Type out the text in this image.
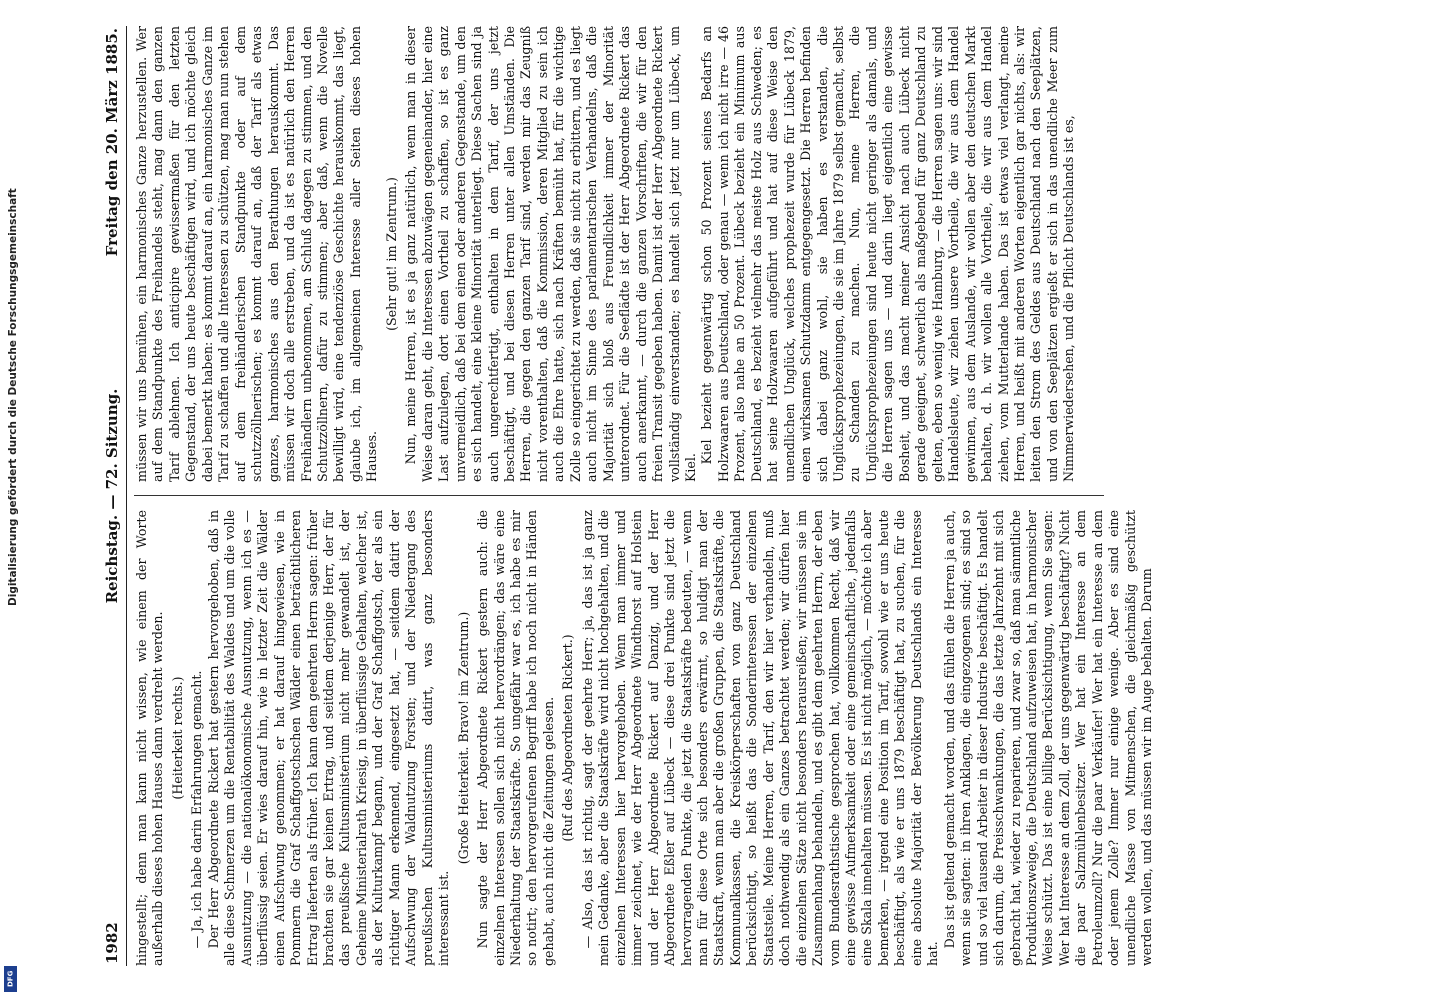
Digitalisierung gefördert durch die Deutsche Forschungsgemeinschaft
DFG
1982
Reichstag. — 72. Sitzung.
Freitag den 20. März 1885.

hingestellt; denn man kann nicht wissen, wie einem der Worte außerhalb dieses hohen Hauses dann verdreht werden. (Heiterkeit rechts.) — Ja, ich habe darin Erfahrungen gemacht. Der Herr Abgeordnete Rickert hat gestern hervorgehoben, daß in alle diese Schmerzen um die Rentabilität des Waldes und um die volle Ausnutzung — die nationalökonomische Ausnutzung, wenn ich es — überflüssig seien. Er wies darauf hin, wie in letzter Zeit die Wälder einen Aufschwung genommen; er hat darauf hingewiesen, wie in Pommern die Graf Schaffgotschschen Wälder einen beträchtlicheren Ertrag lieferten als früher. Ich kann dem geehrten Herrn sagen: früher brachten sie gar keinen Ertrag, und seitdem derjenige Herr, der für das preußische Kultusministerium nicht mehr gewandelt ist, der Geheime Ministerialrath Kriesig, in überflüssige Gehalten, welcher ist, als der Kulturkampf begann, und der Graf Schaffgotsch, der als ein richtiger Mann erkennend, eingesetzt hat, — seitdem datirt der Aufschwung der Waldnutzung Forsten; und der Niedergang des preußischen Kultusministeriums datirt, was ganz besonders interessant ist.

(Große Heiterkeit. Bravo! im Zentrum.) Nun sagte der Herr Abgeordnete Rickert gestern auch: die einzelnen Interessen sollen sich nicht hervordrängen; das wäre eine Niederhaltung der Staatskräfte. So ungefähr war es, ich habe es mir so notirt; den hervorgerufenen Begriff habe ich noch nicht in Händen gehabt, auch nicht die Zeitungen gelesen. (Ruf des Abgeordneten Rickert.) — Also, das ist richtig, sagt der geehrte Herr; ja, das ist ja ganz mein Gedanke, aber die Staatskräfte wird nicht hochgehalten, und die einzelnen Interessen hier hervorgehoben. Wenn man immer und immer zeichnet, wie der Herr Abgeordnete Windthorst auf Holstein und der Herr Abgeordnete Rickert auf Danzig, und der Herr Abgeordnete Eßler auf Lübeck — diese drei Punkte sind jetzt die hervorragenden Punkte, die jetzt die Staatskräfte bedeuten, — wenn man für diese Orte sich besonders erwärmt, so huldigt man der Staatskraft, wenn man aber die großen Gruppen, die Staatskräfte, die Kommunalkassen, die Kreiskörperschaften von ganz Deutschland berücksichtigt, so heißt das die Sonderinteressen der einzelnen Staatsteile. Meine Herren, der Tarif, den wir hier verhandeln, muß doch nothwendig als ein Ganzes betrachtet werden; wir dürfen hier die einzelnen Sätze nicht besonders herausreißen; wir müssen sie im Zusammenhang behandeln, und es gibt dem geehrten Herrn, der eben vom Bundesrathstische gesprochen hat, vollkommen Recht, daß wir eine gewisse Aufmerksamkeit oder eine gemeinschaftliche, jedenfalls eine Skala innehalten müssen. Es ist nicht möglich, — möchte ich aber bemerken, — irgend eine Position im Tarif, sowohl wie er uns heute beschäftigt, als wie er uns 1879 beschäftigt hat, zu suchen, für die eine absolute Majorität der Bevölkerung Deutschlands ein Interesse hat.

Das ist geltend gemacht worden, und das fühlen die Herren ja auch, wenn sie sagten: in ihren Anklagen, die eingezogenen sind; es sind so und so viel tausend Arbeiter in dieser Industrie beschäftigt. Es handelt sich darum, die Preisschwankungen, die das letzte Jahrzehnt mit sich gebracht hat, wieder zu reparieren, und zwar so, daß man sämmtliche Produktionszweige, die Deutschland aufzuweisen hat, in harmonischer Weise schützt. Das ist eine billige Berücksichtigung, wenn Sie sagen: Wer hat Interesse an dem Zoll, der uns gegenwärtig beschäftigt? Nicht die paar Salzmühlenbesitzer. Wer hat ein Interesse an dem Petroleumzoll? Nur die paar Verkäufer! Wer hat ein Interesse an dem oder jenem Zolle? Immer nur einige wenige. Aber es sind eine unendliche Masse von Mitmenschen, die gleichmäßig geschützt werden wollen, und das müssen wir im Auge behalten. Darum

müssen wir uns bemühen, ein harmonisches Ganze herzustellen. Wer auf dem Standpunkte des Freihandels steht, mag dann den ganzen Tarif ablehnen. Ich anticipire gewissermaßen für den letzten Gegenstand, der uns heute beschäftigen wird, und ich möchte gleich dabei bemerkt haben: es kommt darauf an, ein harmonisches Ganze im Tarif zu schaffen und alle Interessen zu schützen, mag man nun stehen auf dem freihändlerischen Standpunkte oder auf dem schutzzöllnerischen; es kommt darauf an, daß der Tarif als etwas ganzes, harmonisches aus den Berathungen herauskommt. Das müssen wir doch alle erstreben, und da ist es natürlich den Herren Freihändlern unbenommen, am Schluß dagegen zu stimmen, und den Schutzzöllnern, dafür zu stimmen; aber daß, wenn die Novelle bewilligt wird, eine tendenziöse Geschichte herauskommt, das liegt, glaube ich, im allgemeinen Interesse aller Seiten dieses hohen Hauses.

(Sehr gut! im Zentrum.) Nun, meine Herren, ist es ja ganz natürlich, wenn man in dieser Weise daran geht, die Interessen abzuwägen gegeneinander, hier eine Last aufzulegen, dort einen Vortheil zu schaffen, so ist es ganz unvermeidlich, daß bei dem einen oder anderen Gegenstande, um den es sich handelt, eine kleine Minorität unterliegt. Diese Sachen sind ja auch ungerechtfertigt, enthalten in dem Tarif, der uns jetzt beschäftigt, und bei diesen Herren unter allen Umständen. Die Herren, die gegen den ganzen Tarif sind, werden mir das Zeugniß nicht vorenthalten, daß die Kommission, deren Mitglied zu sein ich auch die Ehre hatte, sich nach Kräften bemüht hat, für die wichtige Zolle so eingerichtet zu werden, daß sie nicht zu erbittern, und es liegt auch nicht im Sinne des parlamentarischen Verhandelns, daß die Majorität sich bloß aus Freundlichkeit immer der Minorität unterordnet. Für die Seeflädte ist der Herr Abgeordnete Rickert das auch anerkannt, — durch die ganzen Vorschriften, die wir für den freien Transit gegeben haben. Damit ist der Herr Abgeordnete Rickert vollständig einverstanden; es handelt sich jetzt nur um Lübeck, um Kiel.

Kiel bezieht gegenwärtig schon 50 Prozent seines Bedarfs an Holzwaaren aus Deutschland, oder genau — wenn ich nicht irre — 46 Prozent, also nahe an 50 Prozent. Lübeck bezieht ein Minimum aus Deutschland, es bezieht vielmehr das meiste Holz aus Schweden; es hat seine Holzwaaren aufgeführt und hat auf diese Weise den unendlichen Unglück, welches prophezeit wurde für Lübeck 1879, einen wirksamen Schutzdamm entgegengesetzt. Die Herren befinden sich dabei ganz wohl, sie haben es verstanden, die Unglücksprophezeiungen, die sie im Jahre 1879 selbst gemacht, selbst zu Schanden zu machen. Nun, meine Herren, die Unglücksprophezeiungen sind heute nicht geringer als damals, und die Herren sagen uns — und darin liegt eigentlich eine gewisse Bosheit, und das macht meiner Ansicht nach auch Lübeck nicht gerade geeignet, schwerlich als maßgebend für ganz Deutschland zu gelten, eben so wenig wie Hamburg, — die Herren sagen uns: wir sind Handelsleute, wir ziehen unsere Vortheile, die wir aus dem Handel gewinnen, aus dem Auslande, wir wollen aber den deutschen Markt behalten, d. h. wir wollen alle Vortheile, die wir aus dem Handel ziehen, vom Mutterlande haben. Das ist etwas viel verlangt, meine Herren, und heißt mit anderen Worten eigentlich gar nichts, als: wir leiten den Strom des Geldes aus Deutschland nach den Seeplätzen, und von den Seeplätzen ergießt er sich in das unendliche Meer zum Nimmerwiedersehen, und die Pflicht Deutschlands ist es,
